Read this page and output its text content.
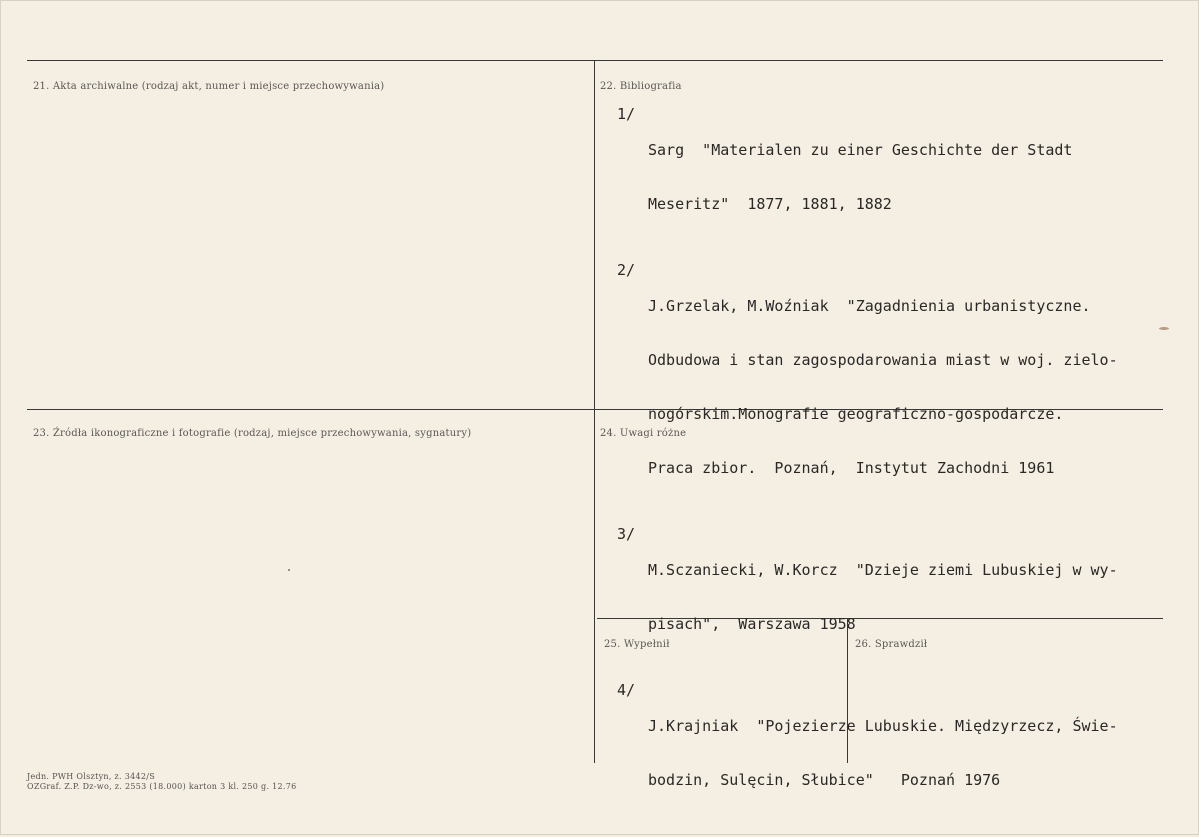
21. Akta archiwalne (rodzaj akt, numer i miejsce przechowywania)	22. Bibliografia
23. Źródła ikonograficzne i fotografie (rodzaj, miejsce przechowywania, sygnatury)	24. Uwagi różne
25. Wypełnił	26. Sprawdził
1/

Sarg  "Materialen zu einer Geschichte der Stadt

Meseritz"  1877, 1881, 1882

2/

J.Grzelak, M.Woźniak  "Zagadnienia urbanistyczne.

Odbudowa i stan zagospodarowania miast w woj. zielo-

nogórskim.Monografie geograficzno-gospodarcze.

Praca zbior.  Poznań,  Instytut Zachodni 1961

3/

M.Sczaniecki, W.Korcz  "Dzieje ziemi Lubuskiej w wy-

pisach",  Warszawa 1958

4/

J.Krajniak  "Pojezierze Lubuskie. Międzyrzecz, Świe-

bodzin, Sulęcin, Słubice"   Poznań 1976

Jedn. PWH Olsztyn, z. 3442/S
OZGraf. Z.P. Dz-wo, z. 2553 (18.000) karton 3 kl. 250 g. 12.76
